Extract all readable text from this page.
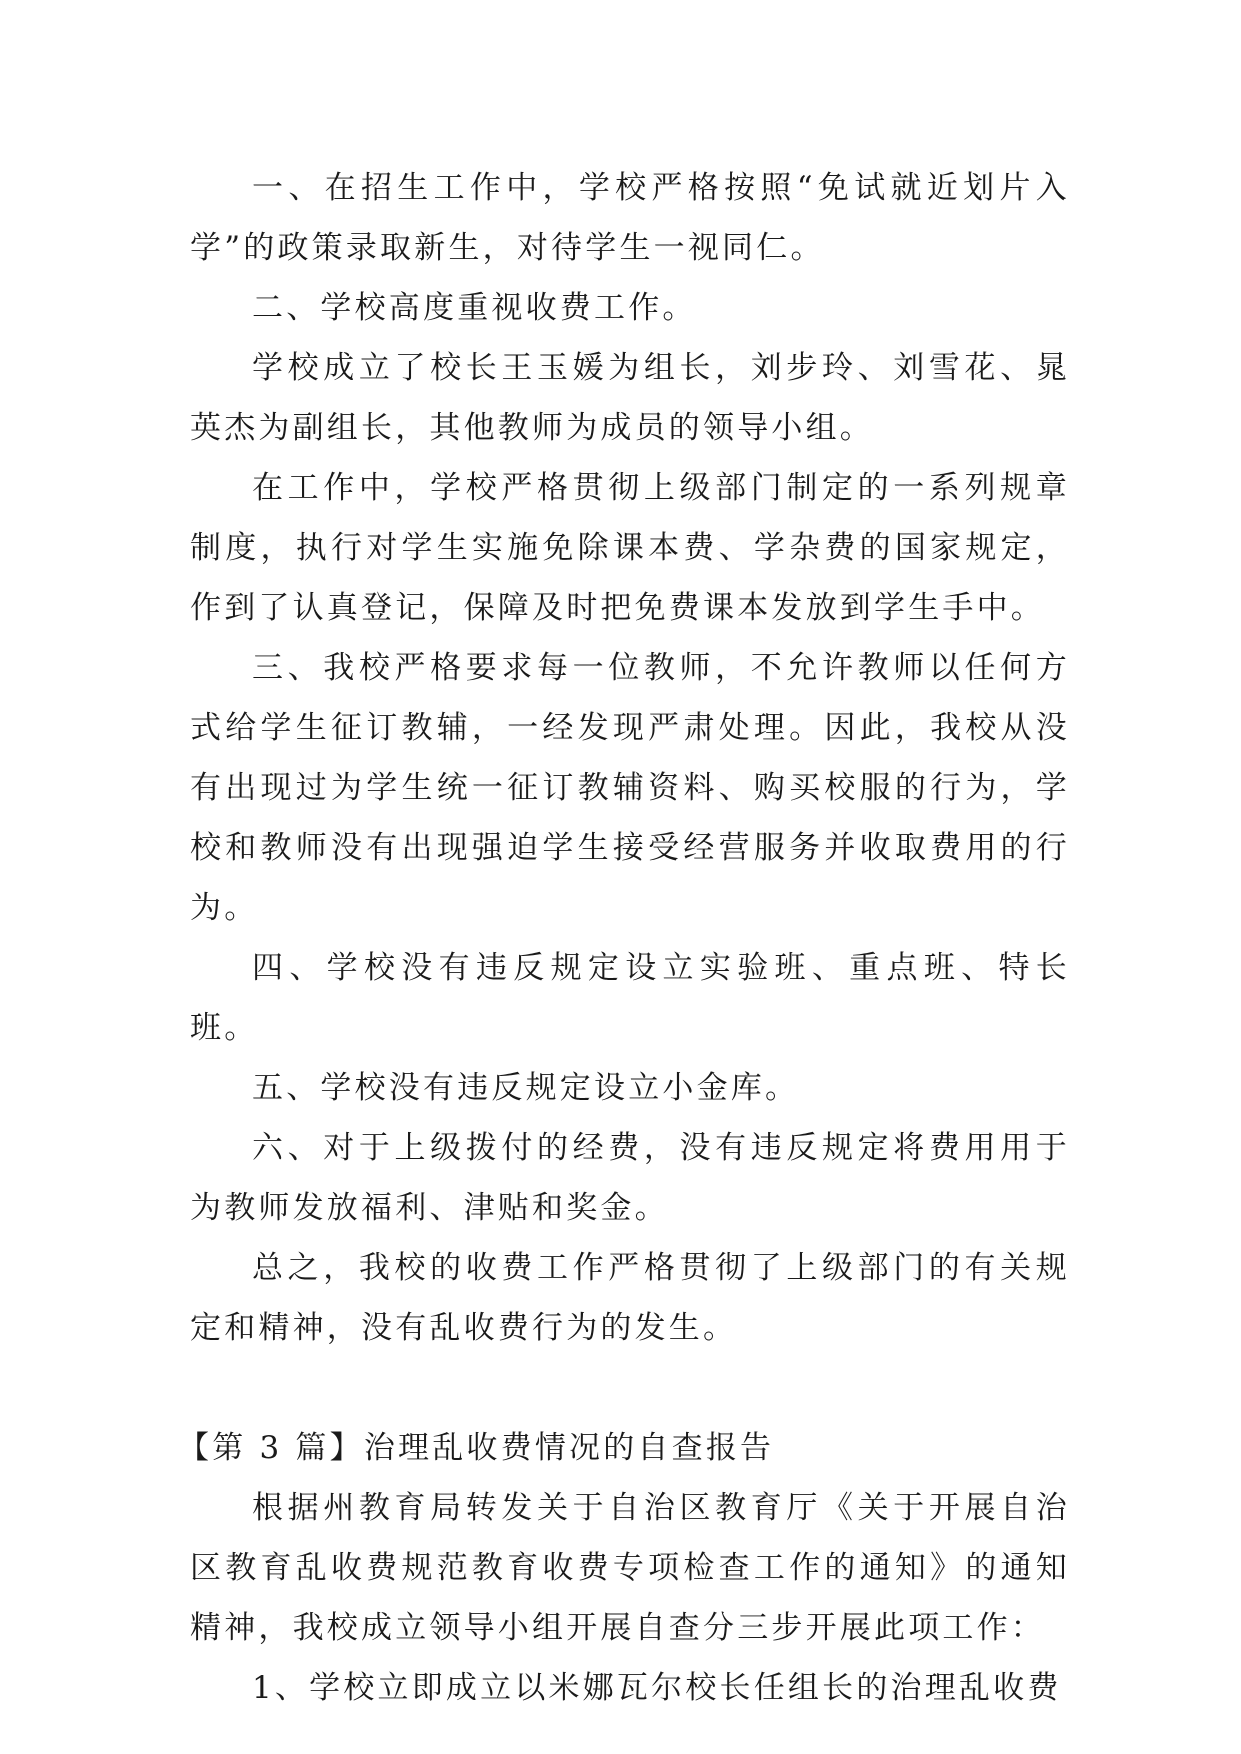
一、在招生工作中，学校严格按照“免试就近划片入学”的政策录取新生，对待学生一视同仁。

二、学校高度重视收费工作。

学校成立了校长王玉媛为组长，刘步玲、刘雪花、晁英杰为副组长，其他教师为成员的领导小组。

在工作中，学校严格贯彻上级部门制定的一系列规章制度，执行对学生实施免除课本费、学杂费的国家规定，作到了认真登记，保障及时把免费课本发放到学生手中。

三、我校严格要求每一位教师，不允许教师以任何方式给学生征订教辅，一经发现严肃处理。因此，我校从没有出现过为学生统一征订教辅资料、购买校服的行为，学校和教师没有出现强迫学生接受经营服务并收取费用的行为。

四、学校没有违反规定设立实验班、重点班、特长班。

五、学校没有违反规定设立小金库。

六、对于上级拨付的经费，没有违反规定将费用用于为教师发放福利、津贴和奖金。

总之，我校的收费工作严格贯彻了上级部门的有关规定和精神，没有乱收费行为的发生。

【第 3 篇】治理乱收费情况的自查报告

根据州教育局转发关于自治区教育厅《关于开展自治区教育乱收费规范教育收费专项检查工作的通知》的通知精神，我校成立领导小组开展自查分三步开展此项工作：

1、学校立即成立以米娜瓦尔校长任组长的治理乱收费
